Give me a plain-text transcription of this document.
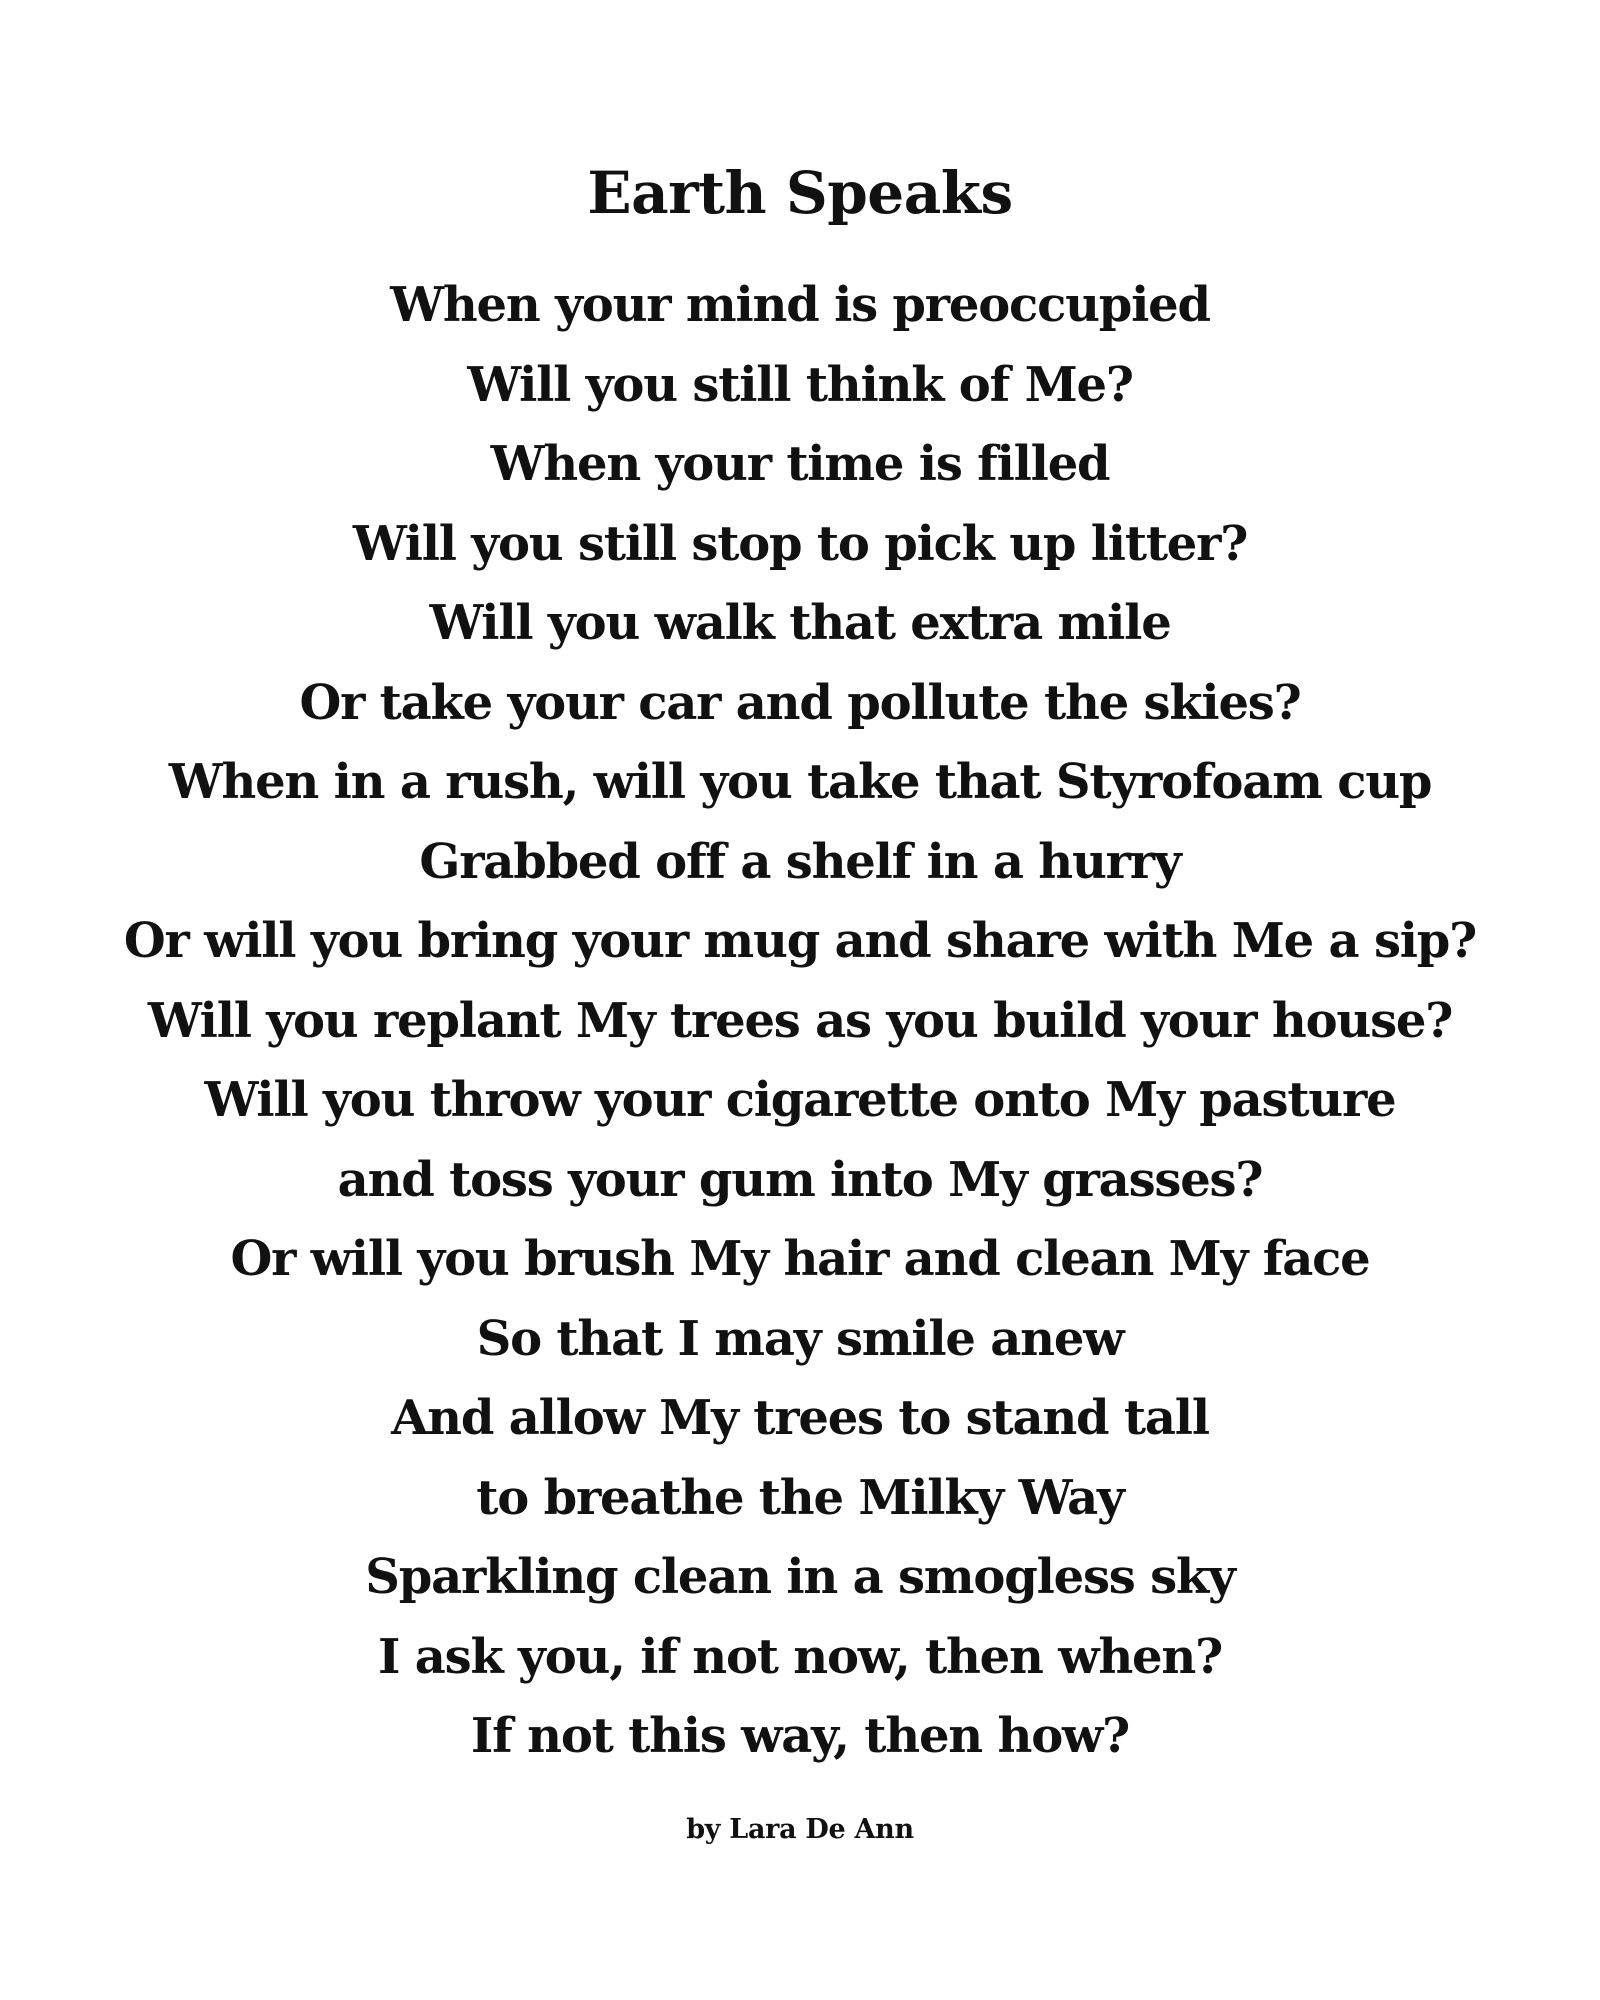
Earth Speaks
When your mind is preoccupied
Will you still think of Me?
When your time is filled
Will you still stop to pick up litter?
Will you walk that extra mile
Or take your car and pollute the skies?
When in a rush, will you take that Styrofoam cup
Grabbed off a shelf in a hurry
Or will you bring your mug and share with Me a sip?
Will you replant My trees as you build your house?
Will you throw your cigarette onto My pasture
and toss your gum into My grasses?
Or will you brush My hair and clean My face
So that I may smile anew
And allow My trees to stand tall
to breathe the Milky Way
Sparkling clean in a smogless sky
I ask you, if not now, then when?
If not this way, then how?
by Lara De Ann
